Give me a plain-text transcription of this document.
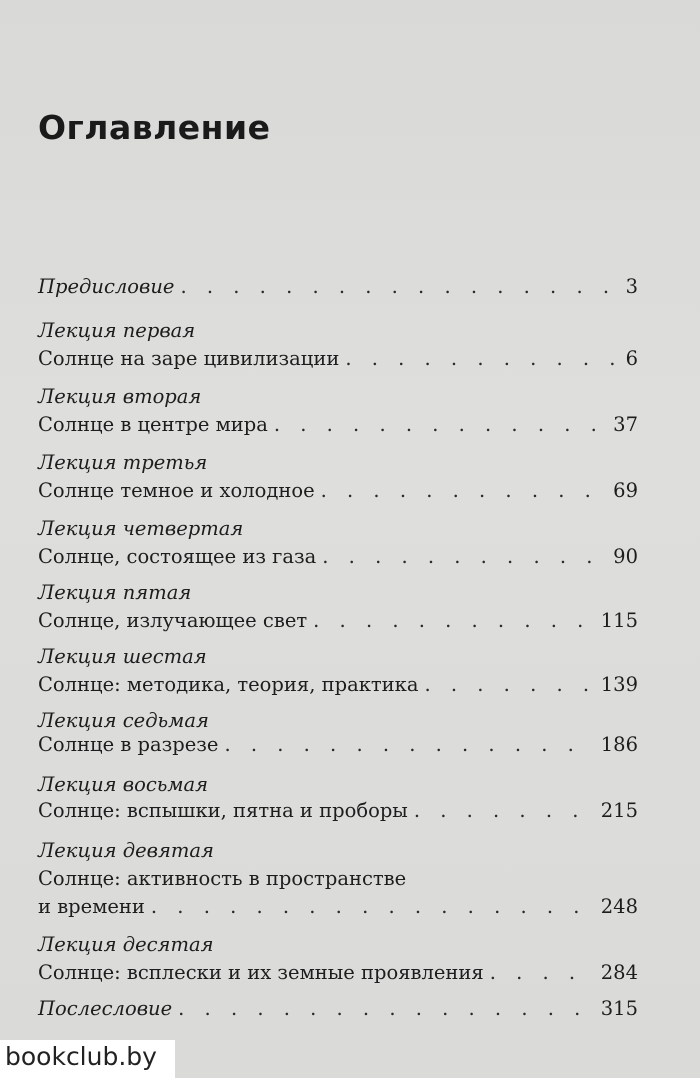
Оглавление
Предисловие . . .	3
Лекция первая
Солнце на заре цивилизации . . .	6
Лекция вторая
Солнце в центре мира . . .	37
Лекция третья
Солнце темное и холодное . . .	69
Лекция четвертая
Солнце, состоящее из газа . . .	90
Лекция пятая
Солнце, излучающее свет . . .	115
Лекция шестая
Солнце: методика, теория, практика . . .	139
Лекция седьмая
Солнце в разрезе . . .	186
Лекция восьмая
Солнце: вспышки, пятна и проборы . . .	215
Лекция девятая
Солнце: активность в пространстве
и времени . . .	248
Лекция десятая
Солнце: всплески и их земные проявления . . .	284
Послесловие . . .	315
bookclub.by
